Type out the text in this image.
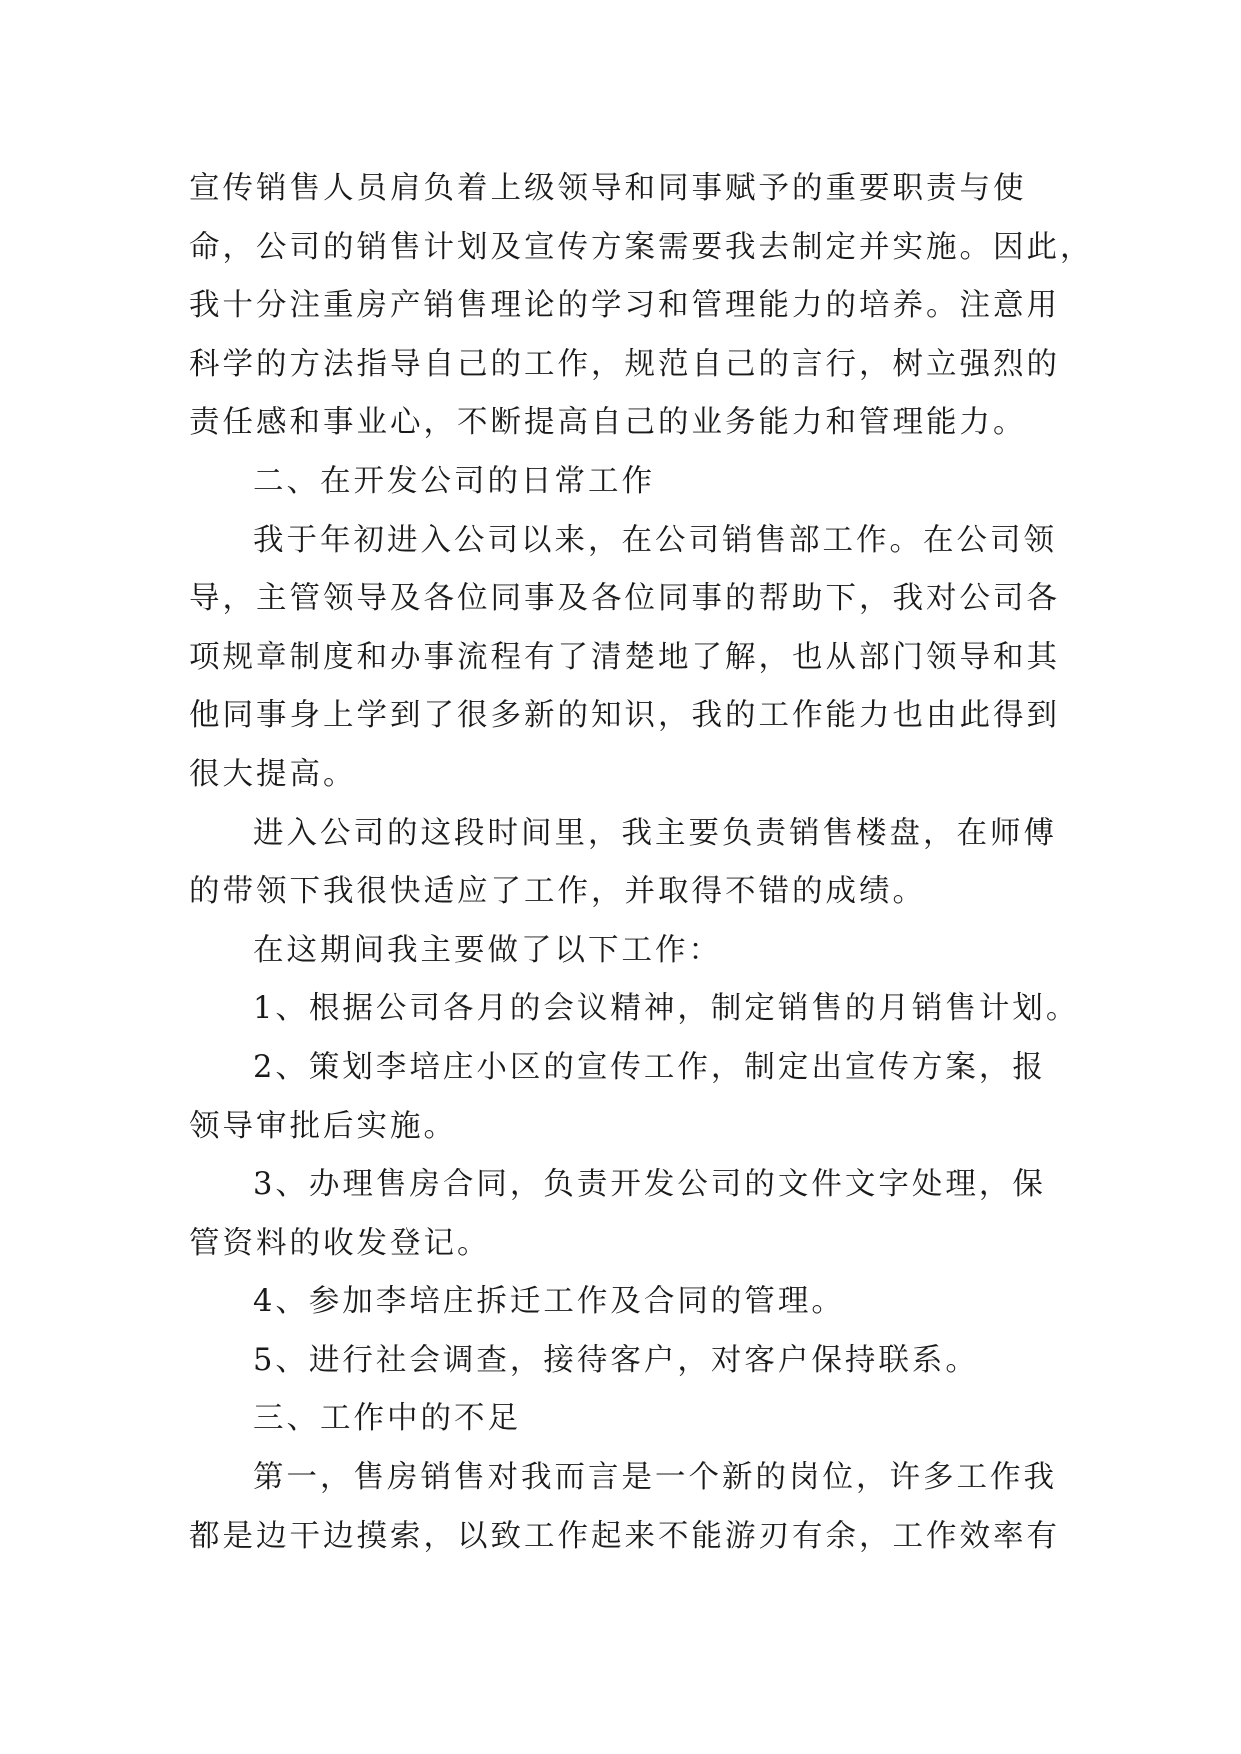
宣传销售人员肩负着上级领导和同事赋予的重要职责与使
命，公司的销售计划及宣传方案需要我去制定并实施。因此，
我十分注重房产销售理论的学习和管理能力的培养。注意用
科学的方法指导自己的工作，规范自己的言行，树立强烈的
责任感和事业心，不断提高自己的业务能力和管理能力。
二、在开发公司的日常工作
我于年初进入公司以来，在公司销售部工作。在公司领
导，主管领导及各位同事及各位同事的帮助下，我对公司各
项规章制度和办事流程有了清楚地了解，也从部门领导和其
他同事身上学到了很多新的知识，我的工作能力也由此得到
很大提高。
进入公司的这段时间里，我主要负责销售楼盘，在师傅
的带领下我很快适应了工作，并取得不错的成绩。
在这期间我主要做了以下工作：
1、根据公司各月的会议精神，制定销售的月销售计划。
2、策划李培庄小区的宣传工作，制定出宣传方案，报
领导审批后实施。
3、办理售房合同，负责开发公司的文件文字处理，保
管资料的收发登记。
4、参加李培庄拆迁工作及合同的管理。
5、进行社会调查，接待客户，对客户保持联系。
三、工作中的不足
第一，售房销售对我而言是一个新的岗位，许多工作我
都是边干边摸索，以致工作起来不能游刃有余，工作效率有
